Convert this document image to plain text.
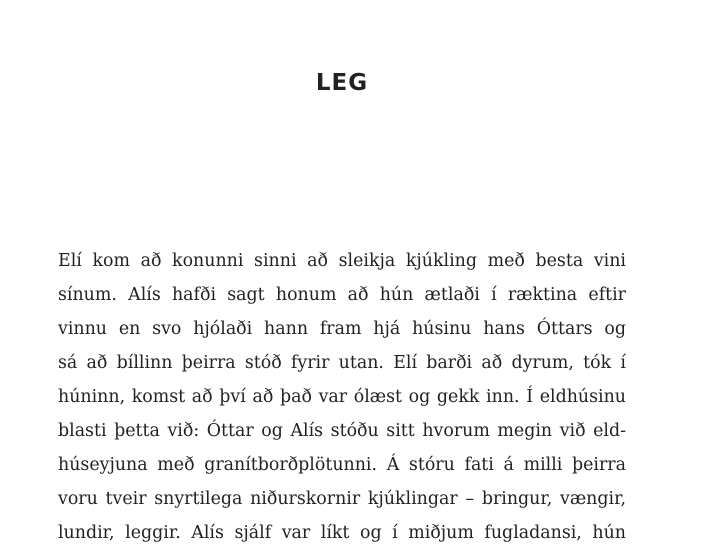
LEG

Elí kom að konunni sinni að sleikja kjúkling með besta vini
sínum. Alís hafði sagt honum að hún ætlaði í ræktina eftir
vinnu en svo hjólaði hann fram hjá húsinu hans Óttars og
sá að bíllinn þeirra stóð fyrir utan. Elí barði að dyrum, tók í
húninn, komst að því að það var ólæst og gekk inn. Í eldhúsinu
blasti þetta við: Óttar og Alís stóðu sitt hvorum megin við eld-
húseyjuna með granítborðplötunni. Á stóru fati á milli þeirra
voru tveir snyrtilega niðurskornir kjúklingar – bringur, vængir,
lundir, leggir. Alís sjálf var líkt og í miðjum fugladansi, hún
